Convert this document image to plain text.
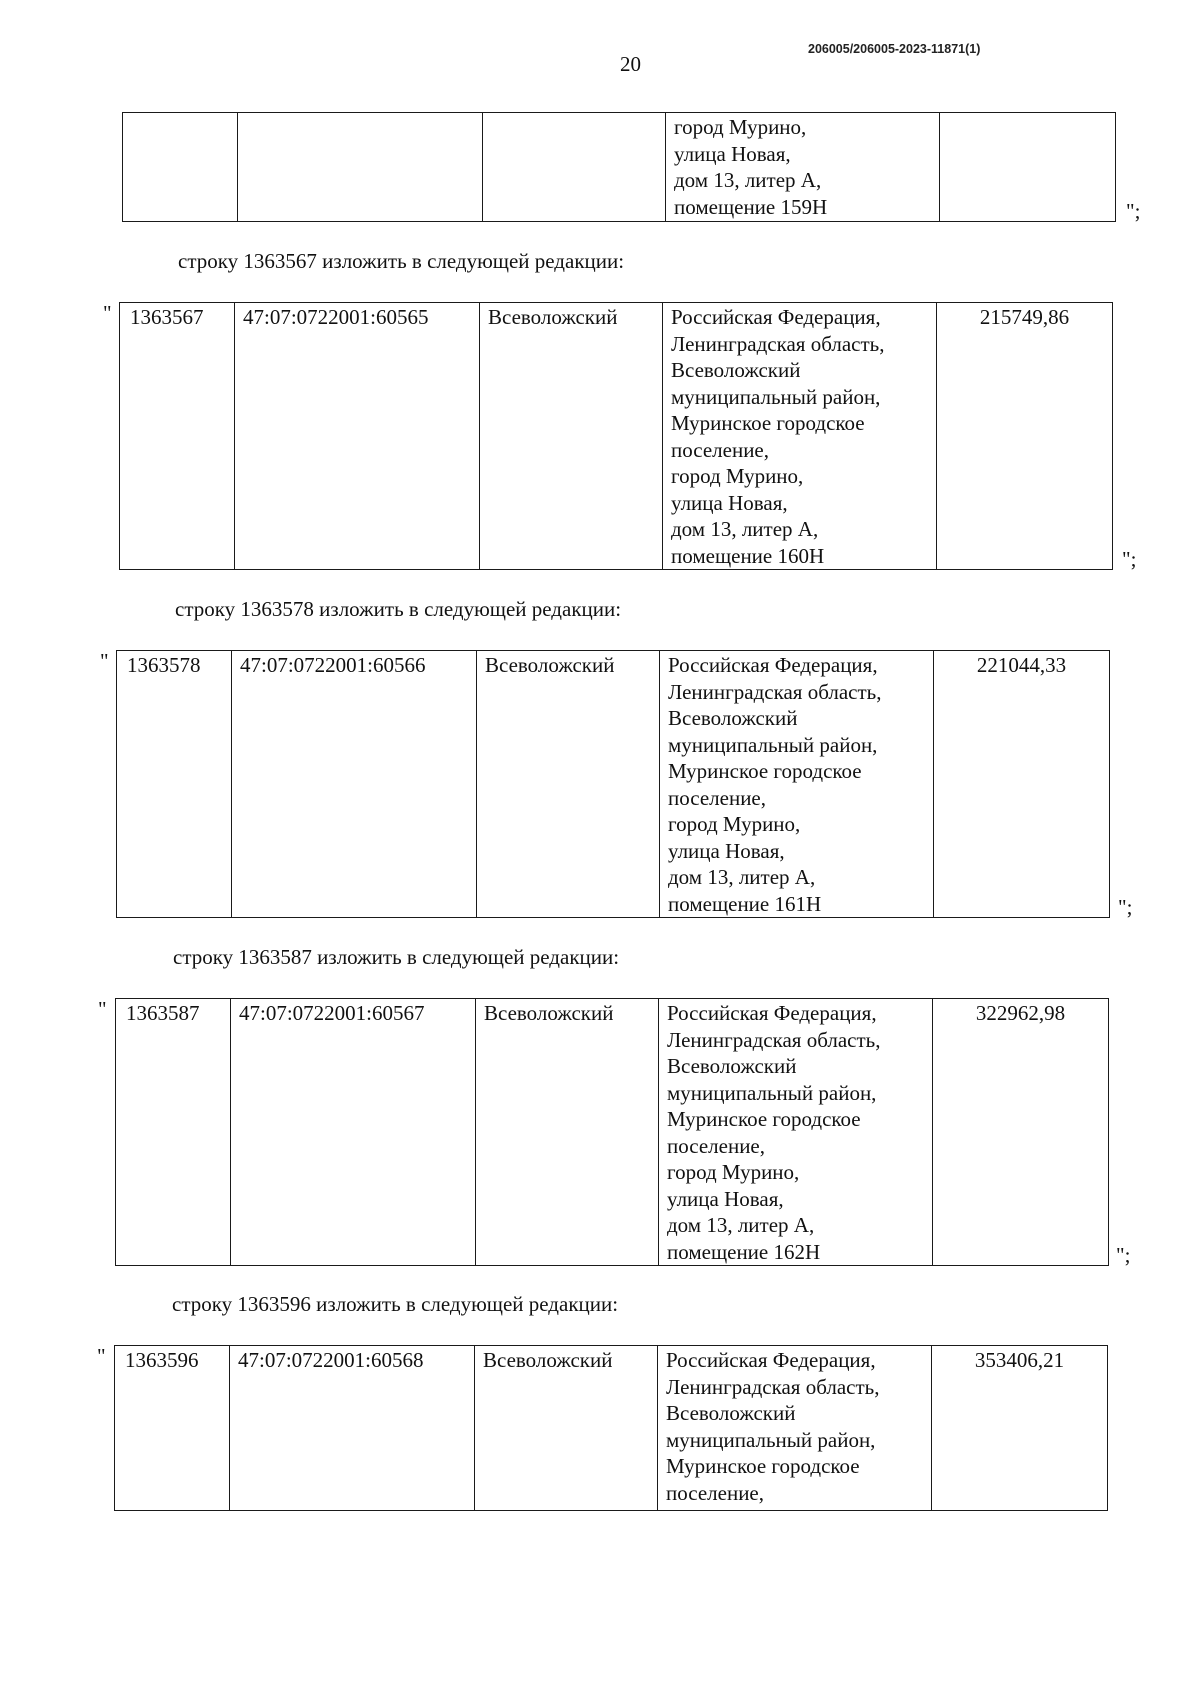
20
206005/206005-2023-11871(1)

город Мурино,
улица Новая,
дом 13, литер А,
помещение 159Н
		";
строку 1363567 изложить в следующей редакции:
" 1363567	47:07:0722001:60565	Всеволожский	Российская Федерация,
Ленинградская область,
Всеволожский
муниципальный район,
Муринское городское
поселение,
город Мурино,
улица Новая,
дом 13, литер А,
помещение 160Н
	215749,86
";
строку 1363578 изложить в следующей редакции:
" 1363578	47:07:0722001:60566	Всеволожский	Российская Федерация,
Ленинградская область,
Всеволожский
муниципальный район,
Муринское городское
поселение,
город Мурино,
улица Новая,
дом 13, литер А,
помещение 161Н
	221044,33
";
строку 1363587 изложить в следующей редакции:
" 1363587	47:07:0722001:60567	Всеволожский	Российская Федерация,
Ленинградская область,
Всеволожский
муниципальный район,
Муринское городское
поселение,
город Мурино,
улица Новая,
дом 13, литер А,
помещение 162Н
	322962,98
";
строку 1363596 изложить в следующей редакции:
" 1363596	47:07:0722001:60568	Всеволожский	Российская Федерация,
Ленинградская область,
Всеволожский
муниципальный район,
Муринское городское
поселение,
	353406,21
